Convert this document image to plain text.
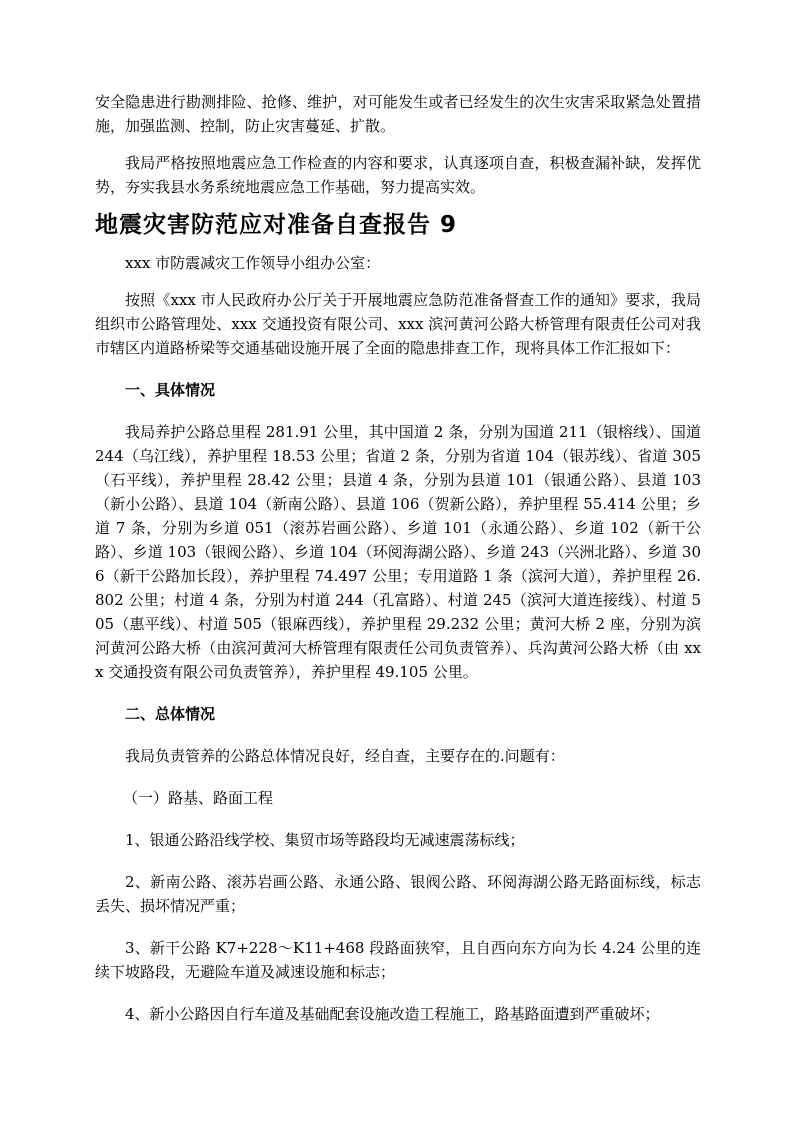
安全隐患进行勘测排险、抢修、维护，对可能发生或者已经发生的次生灾害采取紧急处置措施，加强监测、控制，防止灾害蔓延、扩散。

我局严格按照地震应急工作检查的内容和要求，认真逐项自查，积极查漏补缺，发挥优势，夯实我县水务系统地震应急工作基础，努力提高实效。

地震灾害防范应对准备自查报告 9

xxx 市防震减灾工作领导小组办公室：

按照《xxx 市人民政府办公厅关于开展地震应急防范准备督查工作的通知》要求，我局组织市公路管理处、xxx 交通投资有限公司、xxx 滨河黄河公路大桥管理有限责任公司对我市辖区内道路桥梁等交通基础设施开展了全面的隐患排查工作，现将具体工作汇报如下：

一、具体情况

我局养护公路总里程 281.91 公里，其中国道 2 条，分别为国道 211（银榕线）、国道 244（乌江线），养护里程 18.53 公里；省道 2 条，分别为省道 104（银苏线）、省道 305（石平线），养护里程 28.42 公里；县道 4 条，分别为县道 101（银通公路）、县道 103（新小公路）、县道 104（新南公路）、县道 106（贺新公路），养护里程 55.414 公里；乡道 7 条，分别为乡道 051（滚苏岩画公路）、乡道 101（永通公路）、乡道 102（新干公路）、乡道 103（银阀公路）、乡道 104（环阅海湖公路）、乡道 243（兴洲北路）、乡道 306（新干公路加长段），养护里程 74.497 公里；专用道路 1 条（滨河大道），养护里程 26.802 公里；村道 4 条，分别为村道 244（孔富路）、村道 245（滨河大道连接线）、村道 505（惠平线）、村道 505（银麻西线），养护里程 29.232 公里；黄河大桥 2 座，分别为滨河黄河公路大桥（由滨河黄河大桥管理有限责任公司负责管养）、兵沟黄河公路大桥（由 xxx 交通投资有限公司负责管养），养护里程 49.105 公里。

二、总体情况

我局负责管养的公路总体情况良好，经自查，主要存在的.问题有：

（一）路基、路面工程

1、银通公路沿线学校、集贸市场等路段均无减速震荡标线；

2、新南公路、滚苏岩画公路、永通公路、银阀公路、环阅海湖公路无路面标线，标志丢失、损坏情况严重；

3、新干公路 K7+228～K11+468 段路面狭窄，且自西向东方向为长 4.24 公里的连续下坡路段，无避险车道及减速设施和标志；

4、新小公路因自行车道及基础配套设施改造工程施工，路基路面遭到严重破坏；
